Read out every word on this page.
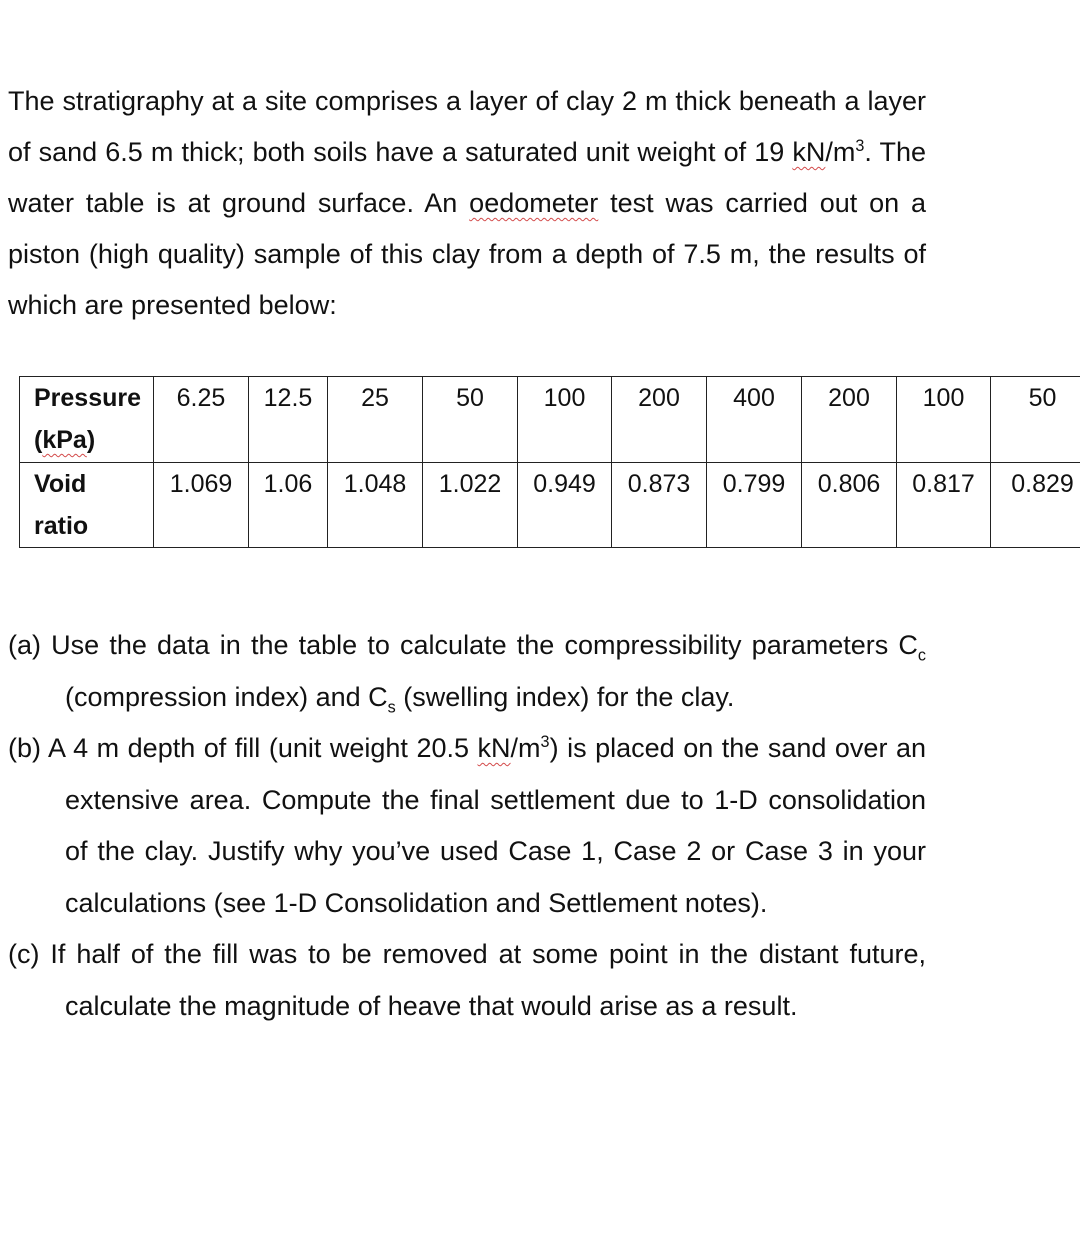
The stratigraphy at a site comprises a layer of clay 2 m thick beneath a layer of sand 6.5 m thick; both soils have a saturated unit weight of 19 $kN/m^3$. The water table is at ground surface. An oedometer test was carried out on a piston (high quality) sample of this clay from a depth of 7.5 m, the results of which are presented below:

Pressure
(kPa)	6.25	12.5	25	50	100	200	400	200	100	50

Void
ratio	1.069	1.06	1.048	1.022	0.949	0.873	0.799	0.806	0.817	0.829

(a) Use the data in the table to calculate the compressibility parameters $C_c$ (compression index) and $C_s$ (swelling index) for the clay.

(b) A 4 m depth of fill (unit weight 20.5 $kN/m^3$) is placed on the sand over an extensive area. Compute the final settlement due to 1-D consolidation of the clay. Justify why you’ve used Case 1, Case 2 or Case 3 in your calculations (see 1-D Consolidation and Settlement notes).

(c) If half of the fill was to be removed at some point in the distant future, calculate the magnitude of heave that would arise as a result.
